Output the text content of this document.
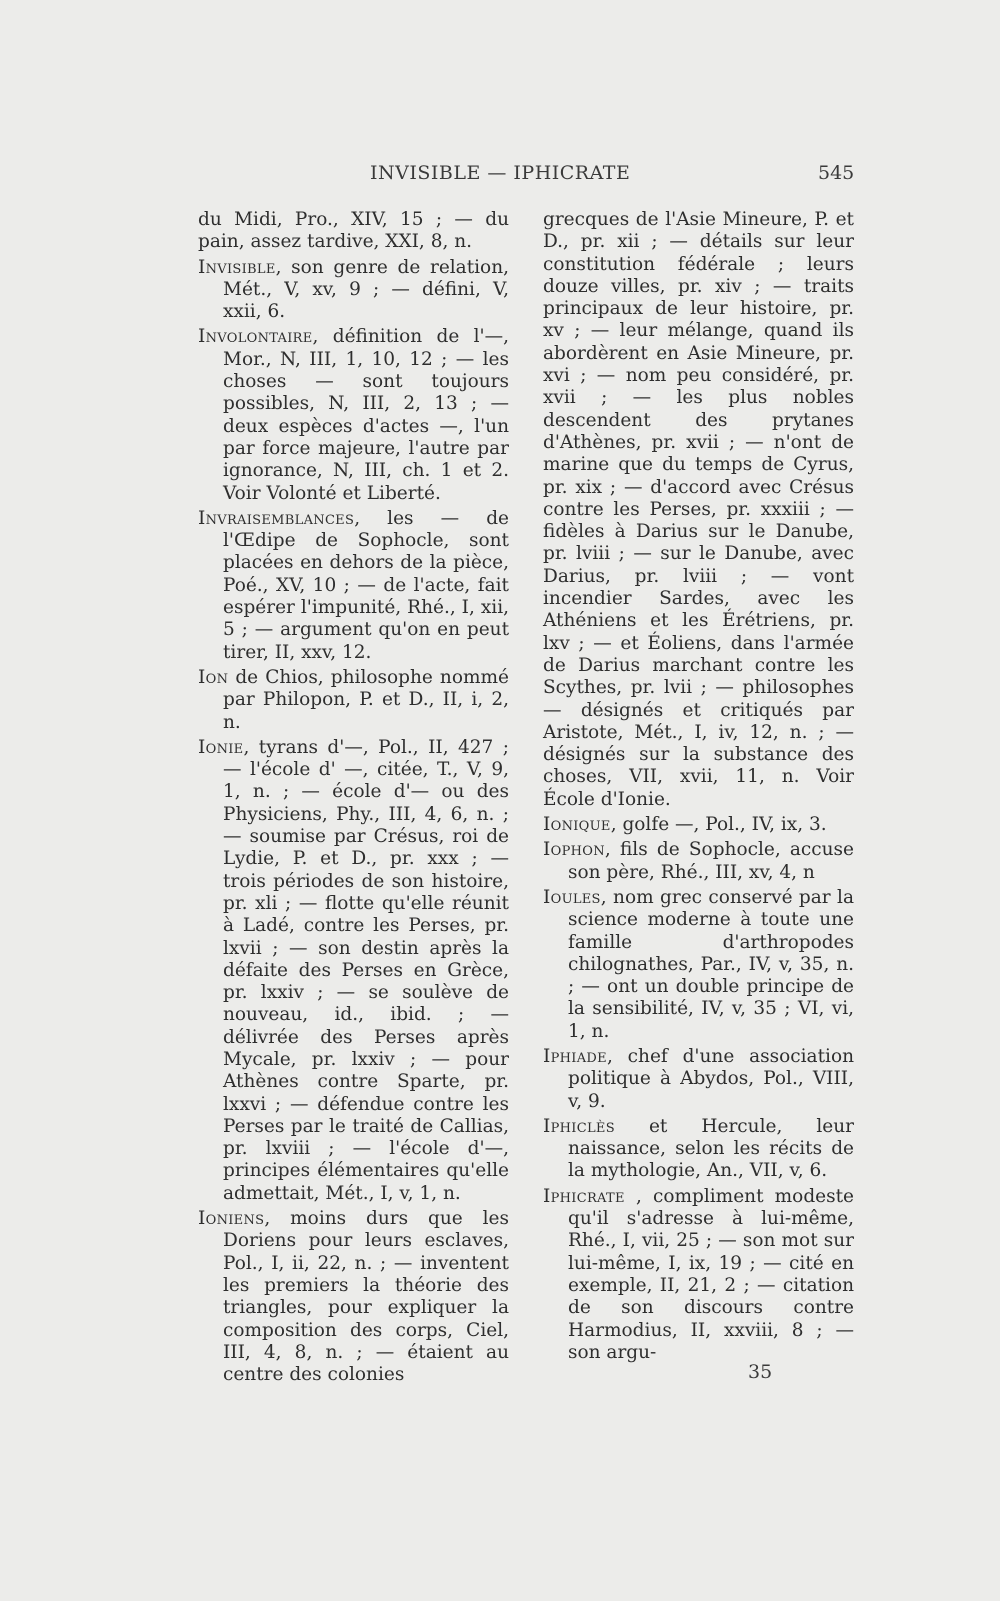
INVISIBLE — IPHICRATE	545

du Midi, Pro., XIV, 15 ; — du pain, assez tardive, XXI, 8, n.

Invisible, son genre de relation, Mét., V, xv, 9 ; — défini, V, xxii, 6.

Involontaire, définition de l'—, Mor., N, III, 1, 10, 12 ; — les choses — sont toujours possibles, N, III, 2, 13 ; — deux espèces d'actes —, l'un par force majeure, l'autre par ignorance, N, III, ch. 1 et 2. Voir Volonté et Liberté.

Invraisemblances, les — de l'Œdipe de Sophocle, sont placées en dehors de la pièce, Poé., XV, 10 ; — de l'acte, fait espérer l'impunité, Rhé., I, xii, 5 ; — argument qu'on en peut tirer, II, xxv, 12.

Ion de Chios, philosophe nommé par Philopon, P. et D., II, i, 2, n.

Ionie, tyrans d'—, Pol., II, 427 ; — l'école d' —, citée, T., V, 9, 1, n. ; — école d'— ou des Physiciens, Phy., III, 4, 6, n. ; — soumise par Crésus, roi de Lydie, P. et D., pr. xxx ; — trois périodes de son histoire, pr. xli ; — flotte qu'elle réunit à Ladé, contre les Perses, pr. lxvii ; — son destin après la défaite des Perses en Grèce, pr. lxxiv ; — se soulève de nouveau, id., ibid. ; — délivrée des Perses après Mycale, pr. lxxiv ; — pour Athènes contre Sparte, pr. lxxvi ; — défendue contre les Perses par le traité de Callias, pr. lxviii ; — l'école d'—, principes élémentaires qu'elle admettait, Mét., I, v, 1, n.

Ioniens, moins durs que les Doriens pour leurs esclaves, Pol., I, ii, 22, n. ; — inventent les premiers la théorie des triangles, pour expliquer la composition des corps, Ciel, III, 4, 8, n. ; — étaient au centre des colonies

grecques de l'Asie Mineure, P. et D., pr. xii ; — détails sur leur constitution fédérale ; leurs douze villes, pr. xiv ; — traits principaux de leur histoire, pr. xv ; — leur mélange, quand ils abordèrent en Asie Mineure, pr. xvi ; — nom peu considéré, pr. xvii ; — les plus nobles descendent des prytanes d'Athènes, pr. xvii ; — n'ont de marine que du temps de Cyrus, pr. xix ; — d'accord avec Crésus contre les Perses, pr. xxxiii ; — fidèles à Darius sur le Danube, pr. lviii ; — sur le Danube, avec Darius, pr. lviii ; — vont incendier Sardes, avec les Athéniens et les Érétriens, pr. lxv ; — et Éoliens, dans l'armée de Darius marchant contre les Scythes, pr. lvii ; — philosophes — désignés et critiqués par Aristote, Mét., I, iv, 12, n. ; — désignés sur la substance des choses, VII, xvii, 11, n. Voir École d'Ionie.

Ionique, golfe —, Pol., IV, ix, 3.

Iophon, fils de Sophocle, accuse son père, Rhé., III, xv, 4, n

Ioules, nom grec conservé par la science moderne à toute une famille d'arthropodes chilognathes, Par., IV, v, 35, n. ; — ont un double principe de la sensibilité, IV, v, 35 ; VI, vi, 1, n.

Iphiade, chef d'une association politique à Abydos, Pol., VIII, v, 9.

Iphiclès et Hercule, leur naissance, selon les récits de la mythologie, An., VII, v, 6.

Iphicrate , compliment modeste qu'il s'adresse à lui-même, Rhé., I, vii, 25 ; — son mot sur lui-même, I, ix, 19 ; — cité en exemple, II, 21, 2 ; — citation de son discours contre Harmodius, II, xxviii, 8 ; — son argu-

35
